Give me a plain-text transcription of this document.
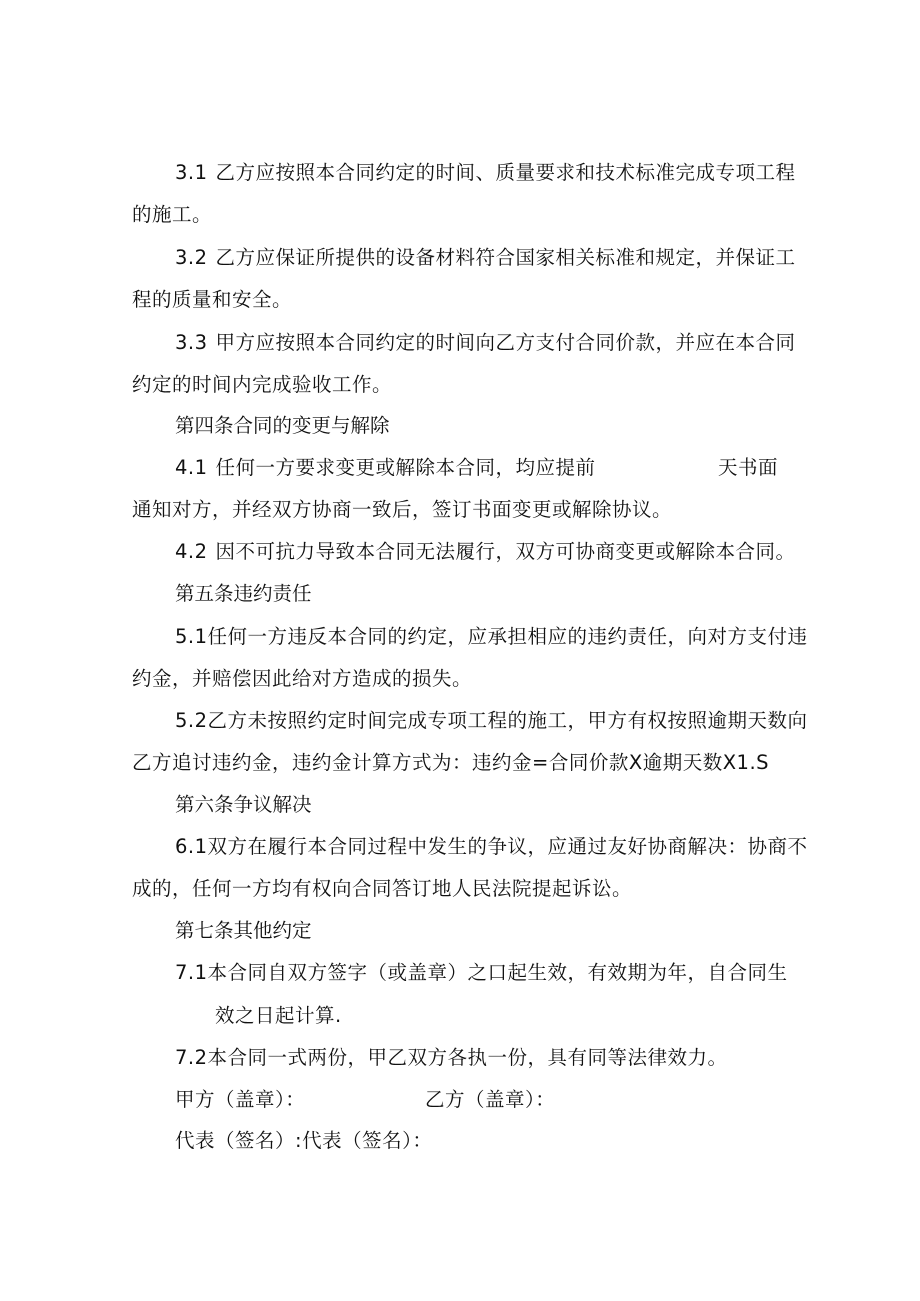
3.1 乙方应按照本合同约定的时间、质量要求和技术标准完成专项工程
的施工。
3.2 乙方应保证所提供的设备材料符合国家相关标准和规定，并保证工
程的质量和安全。
3.3 甲方应按照本合同约定的时间向乙方支付合同价款，并应在本合同
约定的时间内完成验收工作。
第四条合同的变更与解除
4.1 任何一方要求变更或解除本合同，均应提前	天书面
通知对方，并经双方协商一致后，签订书面变更或解除协议。
4.2 因不可抗力导致本合同无法履行，双方可协商变更或解除本合同。
第五条违约责任
5.1任何一方违反本合同的约定，应承担相应的违约责任，向对方支付违
约金，并赔偿因此给对方造成的损失。
5.2乙方未按照约定时间完成专项工程的施工，甲方有权按照逾期天数向
乙方追讨违约金，违约金计算方式为：违约金=合同价款X逾期天数X1.S
第六条争议解决
6.1双方在履行本合同过程中发生的争议，应通过友好协商解决：协商不
成的，任何一方均有权向合同答订地人民法院提起诉讼。
第七条其他约定
7.1本合同自双方签字（或盖章）之口起生效，有效期为年，自合同生
效之日起计算.
7.2本合同一式两份，甲乙双方各执一份，具有同等法律效力。
甲方（盖章）：	乙方（盖章）：
代表（签名）:代表（签名）：
